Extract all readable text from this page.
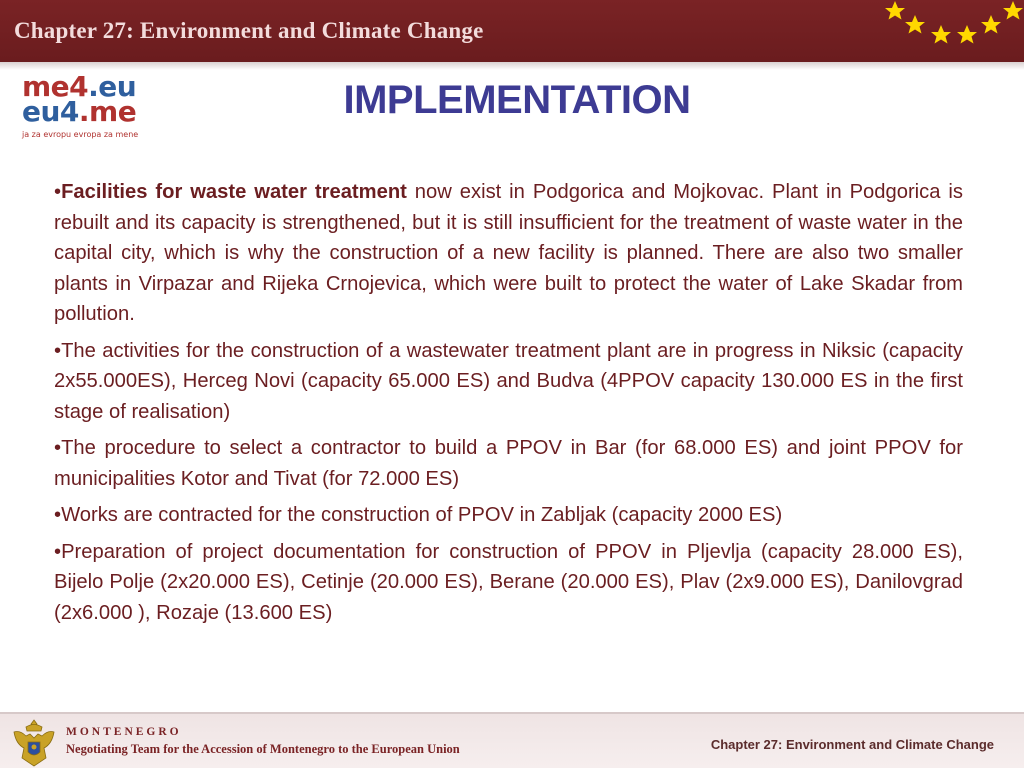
Chapter 27: Environment and Climate Change
me4.eu
eu4.me
ja za evropu evropa za mene
IMPLEMENTATION
•Facilities for waste water treatment now exist in Podgorica and Mojkovac. Plant in Podgorica is rebuilt and its capacity is strengthened, but it is still insufficient for the treatment of waste water in the capital city, which is why the construction of a new facility is planned. There are also two smaller plants in Virpazar and Rijeka Crnojevica, which were built to protect the water of Lake Skadar from pollution.
•The activities for the construction of a wastewater treatment plant are in progress in Niksic (capacity 2x55.000ES), Herceg Novi (capacity 65.000 ES) and Budva (4PPOV capacity 130.000 ES in the first stage of realisation)
•The procedure to select a contractor to build a PPOV in Bar (for 68.000 ES) and joint PPOV for municipalities Kotor and Tivat (for 72.000 ES)
•Works are contracted for the construction of PPOV in Zabljak (capacity 2000 ES)
•Preparation of project documentation for construction of PPOV in Pljevlja (capacity 28.000 ES), Bijelo Polje (2x20.000 ES), Cetinje (20.000 ES), Berane (20.000 ES), Plav (2x9.000 ES), Danilovgrad (2x6.000 ), Rozaje (13.600 ES)
MONTENEGRO
Negotiating Team for the Accession of Montenegro to the European Union	Chapter 27: Environment and Climate Change
